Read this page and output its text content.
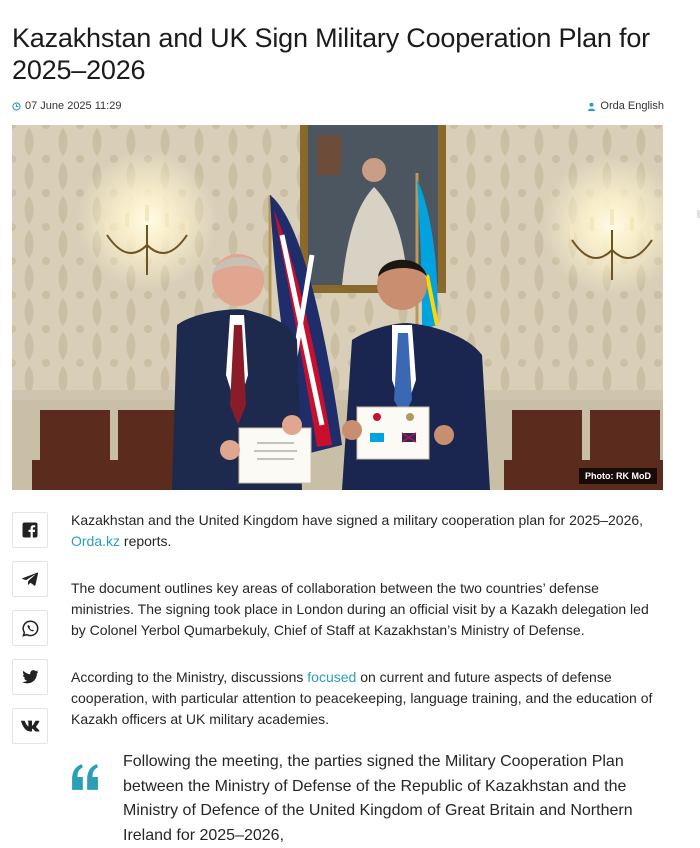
Kazakhstan and UK Sign Military Cooperation Plan for 2025–2026
07 June 2025 11:29	Orda English
Photo: RK MoD

Kazakhstan and the United Kingdom have signed a military cooperation plan for 2025–2026, Orda.kz reports.

The document outlines key areas of collaboration between the two countries’ defense ministries. The signing took place in London during an official visit by a Kazakh delegation led by Colonel Yerbol Qumarbekuly, Chief of Staff at Kazakhstan’s Ministry of Defense.

According to the Ministry, discussions focused on current and future aspects of defense cooperation, with particular attention to peacekeeping, language training, and the education of Kazakh officers at UK military academies.

Following the meeting, the parties signed the Military Cooperation Plan between the Ministry of Defense of the Republic of Kazakhstan and the Ministry of Defence of the United Kingdom of Great Britain and Northern Ireland for 2025–2026,
